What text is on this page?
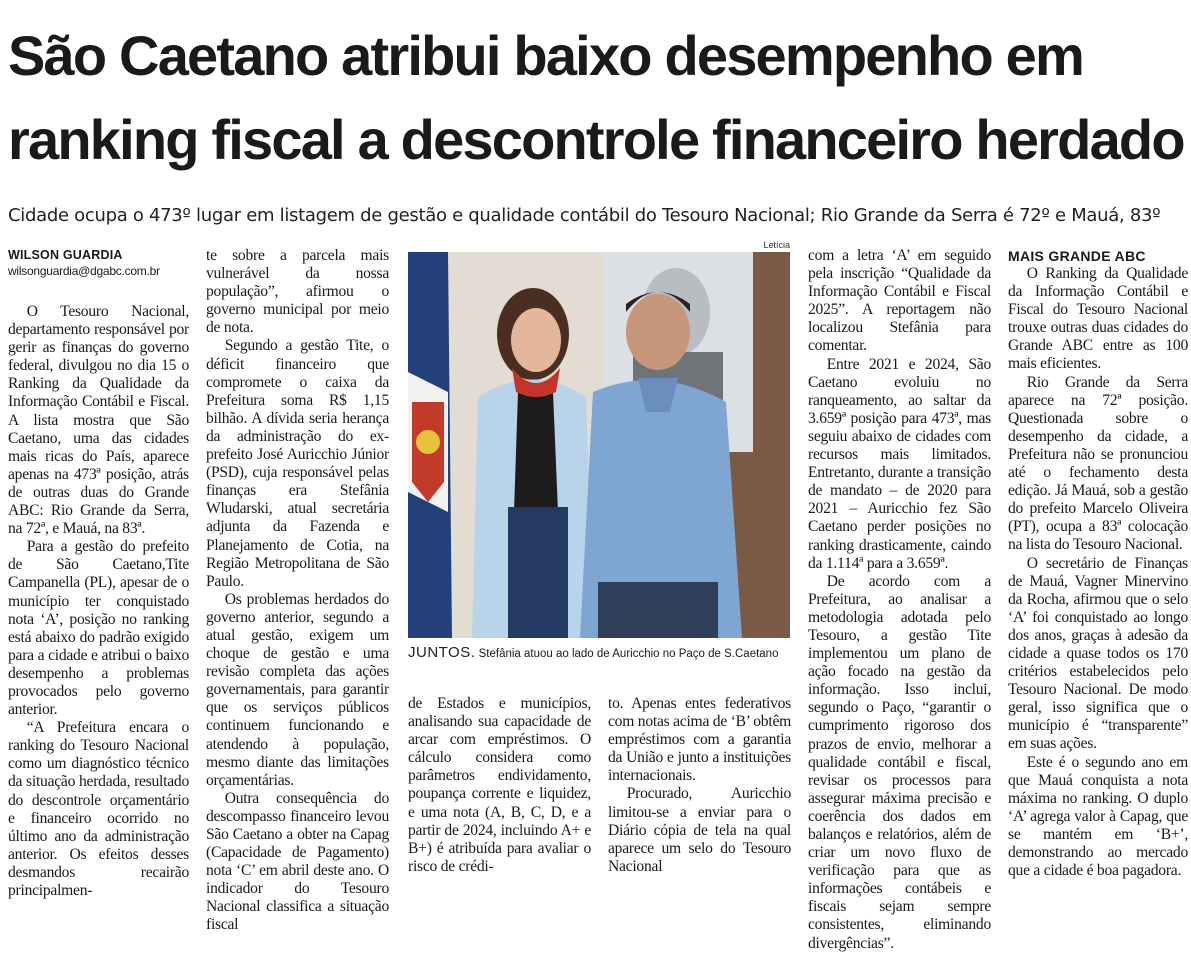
São Caetano atribui baixo desempenho em ranking fiscal a descontrole financeiro herdado
Cidade ocupa o 473º lugar em listagem de gestão e qualidade contábil do Tesouro Nacional; Rio Grande da Serra é 72º e Mauá, 83º

WILSON GUARDIA

wilsonguardia@dgabc.com.br

O Tesouro Nacional, departamento responsável por gerir as finanças do governo federal, divulgou no dia 15 o Ranking da Qualidade da Informação Contábil e Fiscal. A lista mostra que São Caetano, uma das cidades mais ricas do País, aparece apenas na 473ª posição, atrás de outras duas do Grande ABC: Rio Grande da Serra, na 72ª, e Mauá, na 83ª.

Para a gestão do prefeito de São Caetano,Tite Campanella (PL), apesar de o município ter conquistado nota ‘A’, posição no ranking está abaixo do padrão exigido para a cidade e atribui o baixo desempenho a problemas provocados pelo governo anterior.

“A Prefeitura encara o ranking do Tesouro Nacional como um diagnóstico técnico da situação herdada, resultado do descontrole orçamentário e financeiro ocorrido no último ano da administração anterior. Os efeitos desses desmandos recairão principalmen-

te sobre a parcela mais vulnerável da nossa população”, afirmou o governo municipal por meio de nota.

Segundo a gestão Tite, o déficit financeiro que compromete o caixa da Prefeitura soma R$ 1,15 bilhão. A dívida seria herança da administração do ex-prefeito José Auricchio Júnior (PSD), cuja responsável pelas finanças era Stefânia Wludarski, atual secretária adjunta da Fazenda e Planejamento de Cotia, na Região Metropolitana de São Paulo.

Os problemas herdados do governo anterior, segundo a atual gestão, exigem um choque de gestão e uma revisão completa das ações governamentais, para garantir que os serviços públicos continuem funcionando e atendendo à população, mesmo diante das limitações orçamentárias.

Outra consequência do descompasso financeiro levou São Caetano a obter na Capag (Capacidade de Pagamento) nota ‘C’ em abril deste ano. O indicador do Tesouro Nacional classifica a situação fiscal

Letícia
JUNTOS. Stefânia atuou ao lado de Auricchio no Paço de S.Caetano

de Estados e municípios, analisando sua capacidade de arcar com empréstimos. O cálculo considera como parâmetros endividamento, poupança corrente e liquidez, e uma nota (A, B, C, D, e a partir de 2024, incluindo A+ e B+) é atribuída para avaliar o risco de crédi-

com a letra ‘A’ em seguido pela inscrição “Qualidade da Informação Contábil e Fiscal 2025”. A reportagem não localizou Stefânia para comentar.

Entre 2021 e 2024, São Caetano evoluiu no ranqueamento, ao saltar da 3.659ª posição para 473ª, mas seguiu abaixo de cidades com recursos mais limitados. Entretanto, durante a transição de mandato – de 2020 para 2021 – Auricchio fez São Caetano perder posições no ranking drasticamente, caindo da 1.114ª para a 3.659ª.

De acordo com a Prefeitura, ao analisar a metodologia adotada pelo Tesouro, a gestão Tite implementou um plano de ação focado na gestão da informação. Isso inclui, segundo o Paço, “garantir o cumprimento rigoroso dos prazos de envio, melhorar a qualidade contábil e fiscal, revisar os processos para assegurar máxima precisão e coerência dos dados em balanços e relatórios, além de criar um novo fluxo de verificação para que as informações contábeis e fiscais sejam sempre consistentes, eliminando divergências”.

to. Apenas entes federativos com notas acima de ‘B’ obtêm empréstimos com a garantia da União e junto a instituições internacionais.

Procurado, Auricchio limitou-se a enviar para o Diário cópia de tela na qual aparece um selo do Tesouro Nacional

MAIS GRANDE ABC

O Ranking da Qualidade da Informação Contábil e Fiscal do Tesouro Nacional trouxe outras duas cidades do Grande ABC entre as 100 mais eficientes.

Rio Grande da Serra aparece na 72ª posição. Questionada sobre o desempenho da cidade, a Prefeitura não se pronunciou até o fechamento desta edição. Já Mauá, sob a gestão do prefeito Marcelo Oliveira (PT), ocupa a 83ª colocação na lista do Tesouro Nacional.

O secretário de Finanças de Mauá, Vagner Minervino da Rocha, afirmou que o selo ‘A’ foi conquistado ao longo dos anos, graças à adesão da cidade a quase todos os 170 critérios estabelecidos pelo Tesouro Nacional. De modo geral, isso significa que o município é “transparente” em suas ações.

Este é o segundo ano em que Mauá conquista a nota máxima no ranking. O duplo ‘A’ agrega valor à Capag, que se mantém em ‘B+’, demonstrando ao mercado que a cidade é boa pagadora.
